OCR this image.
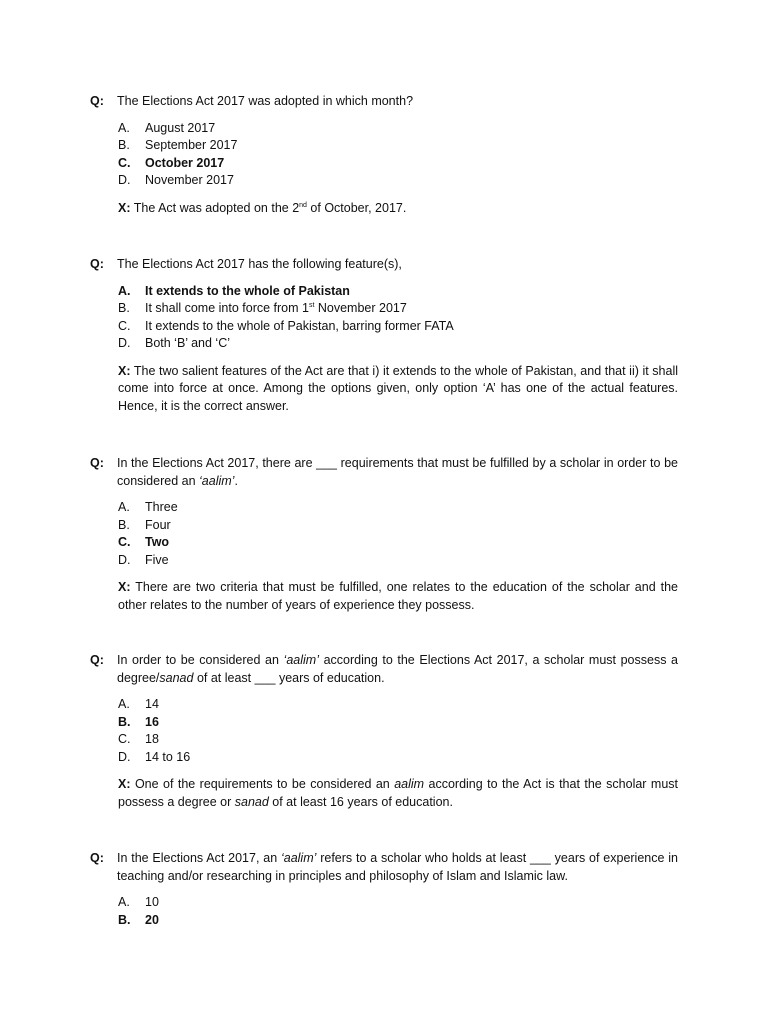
Q: The Elections Act 2017 was adopted in which month?
A. August 2017
B. September 2017
C. October 2017
D. November 2017
X: The Act was adopted on the 2nd of October, 2017.
Q: The Elections Act 2017 has the following feature(s),
A. It extends to the whole of Pakistan
B. It shall come into force from 1st November 2017
C. It extends to the whole of Pakistan, barring former FATA
D. Both ‘B’ and ‘C’
X: The two salient features of the Act are that i) it extends to the whole of Pakistan, and that ii) it shall come into force at once. Among the options given, only option ‘A’ has one of the actual features. Hence, it is the correct answer.
Q: In the Elections Act 2017, there are ___ requirements that must be fulfilled by a scholar in order to be considered an ‘aalim’.
A. Three
B. Four
C. Two
D. Five
X: There are two criteria that must be fulfilled, one relates to the education of the scholar and the other relates to the number of years of experience they possess.
Q: In order to be considered an ‘aalim’ according to the Elections Act 2017, a scholar must possess a degree/sanad of at least ___ years of education.
A. 14
B. 16
C. 18
D. 14 to 16
X: One of the requirements to be considered an aalim according to the Act is that the scholar must possess a degree or sanad of at least 16 years of education.
Q: In the Elections Act 2017, an ‘aalim’ refers to a scholar who holds at least ___ years of experience in teaching and/or researching in principles and philosophy of Islam and Islamic law.
A. 10
B. 20
